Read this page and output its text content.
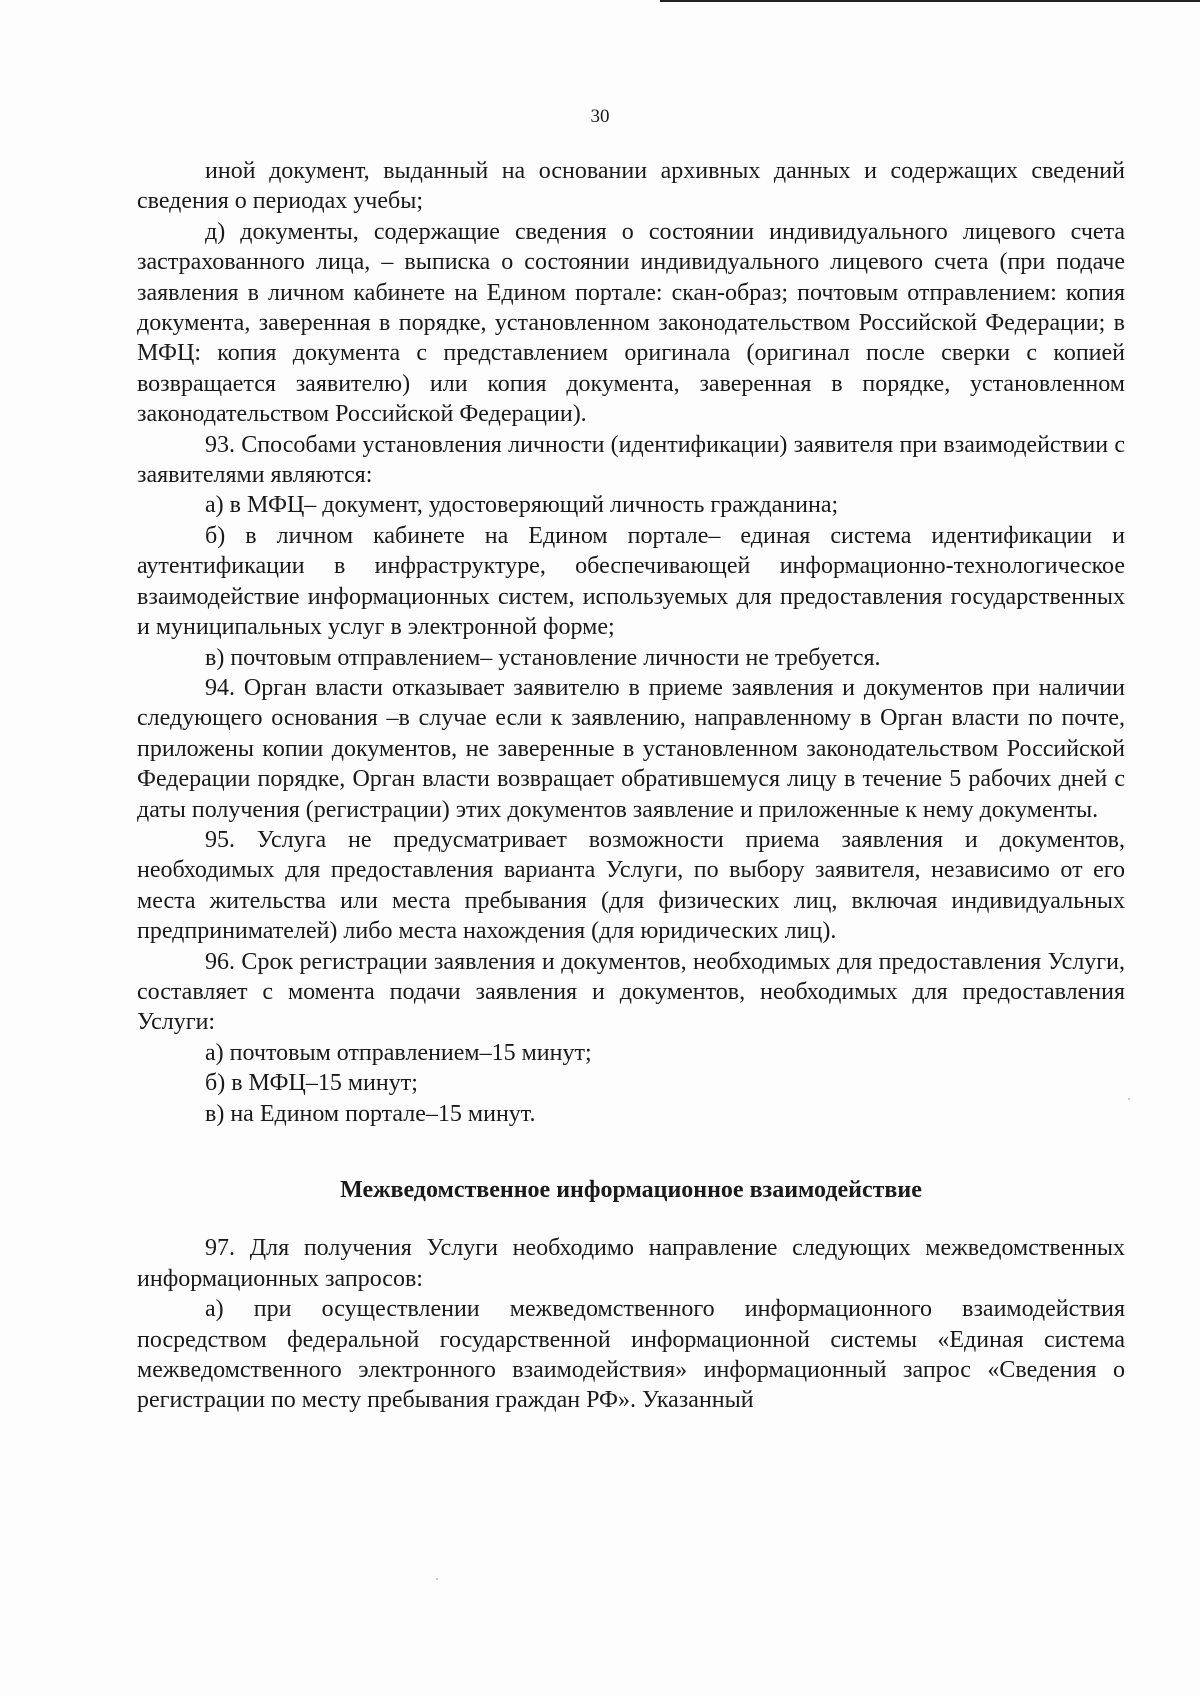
30

иной документ, выданный на основании архивных данных и содержащих сведений сведения о периодах учебы;

д) документы, содержащие сведения о состоянии индивидуального лицевого счета застрахованного лица, – выписка о состоянии индивидуального лицевого счета (при подаче заявления в личном кабинете на Едином портале: скан-образ; почтовым отправлением: копия документа, заверенная в порядке, установленном законодательством Российской Федерации; в МФЦ: копия документа с представлением оригинала (оригинал после сверки с копией возвращается заявителю) или копия документа, заверенная в порядке, установленном законодательством Российской Федерации).

93. Способами установления личности (идентификации) заявителя при взаимодействии с заявителями являются:

а) в МФЦ– документ, удостоверяющий личность гражданина;

б) в личном кабинете на Едином портале– единая система идентификации и аутентификации в инфраструктуре, обеспечивающей информационно-технологическое взаимодействие информационных систем, используемых для предоставления государственных и муниципальных услуг в электронной форме;

в) почтовым отправлением– установление личности не требуется.

94. Орган власти отказывает заявителю в приеме заявления и документов при наличии следующего основания –в случае если к заявлению, направленному в Орган власти по почте, приложены копии документов, не заверенные в установленном законодательством Российской Федерации порядке, Орган власти возвращает обратившемуся лицу в течение 5 рабочих дней с даты получения (регистрации) этих документов заявление и приложенные к нему документы.

95. Услуга не предусматривает возможности приема заявления и документов, необходимых для предоставления варианта Услуги, по выбору заявителя, независимо от его места жительства или места пребывания (для физических лиц, включая индивидуальных предпринимателей) либо места нахождения (для юридических лиц).

96. Срок регистрации заявления и документов, необходимых для предоставления Услуги, составляет с момента подачи заявления и документов, необходимых для предоставления Услуги:

а) почтовым отправлением–15 минут;

б) в МФЦ–15 минут;

в) на Едином портале–15 минут.

Межведомственное информационное взаимодействие

97. Для получения Услуги необходимо направление следующих межведомственных информационных запросов:

а) при осуществлении межведомственного информационного взаимодействия посредством федеральной государственной информационной системы «Единая система межведомственного электронного взаимодействия» информационный запрос «Сведения о регистрации по месту пребывания граждан РФ». Указанный
